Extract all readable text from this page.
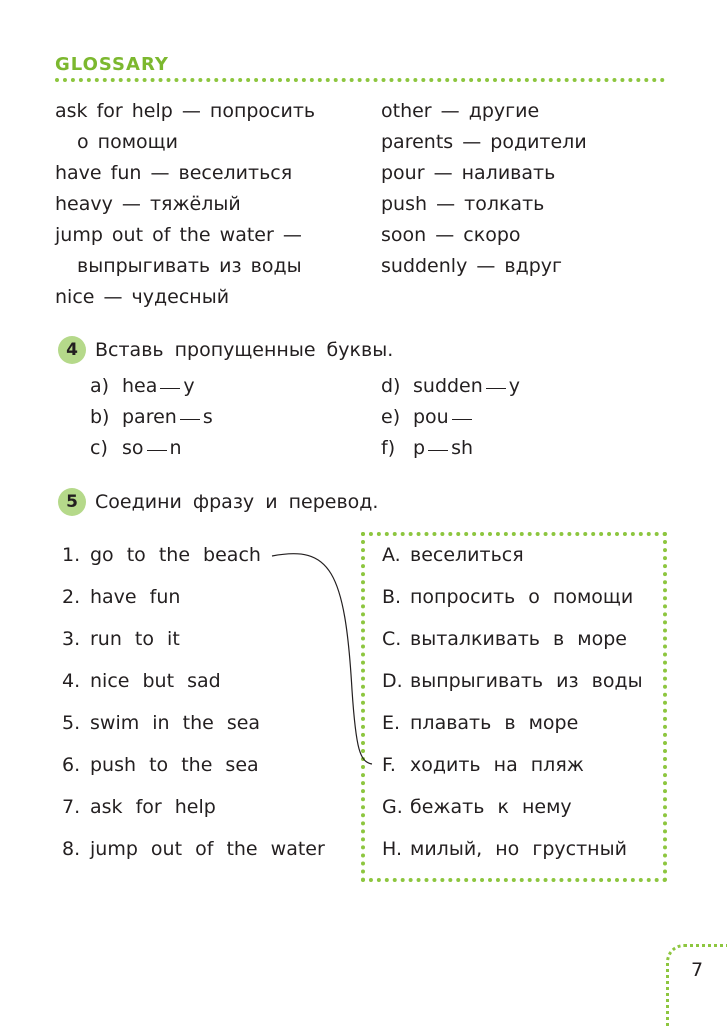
GLOSSARY
ask for help — попросить
о помощи
have fun — веселиться
heavy — тяжёлый
jump out of the water —
выпрыгивать из воды
nice — чудесный
other — другие
parents — родители
pour — наливать
push — толкать
soon — скоро
suddenly — вдруг
4 Вставь пропущенные буквы.
a) hea y
b) paren s
c) so n
d) sudden y
e) pou
f) p sh
5 Соедини фразу и перевод.
1. go to the beach
2. have fun
3. run to it
4. nice but sad
5. swim in the sea
6. push to the sea
7. ask for help
8. jump out of the water
A. веселиться
B. попросить о помощи
C. выталкивать в море
D. выпрыгивать из воды
E. плавать в море
F. ходить на пляж
G. бежать к нему
H. милый, но грустный
7
